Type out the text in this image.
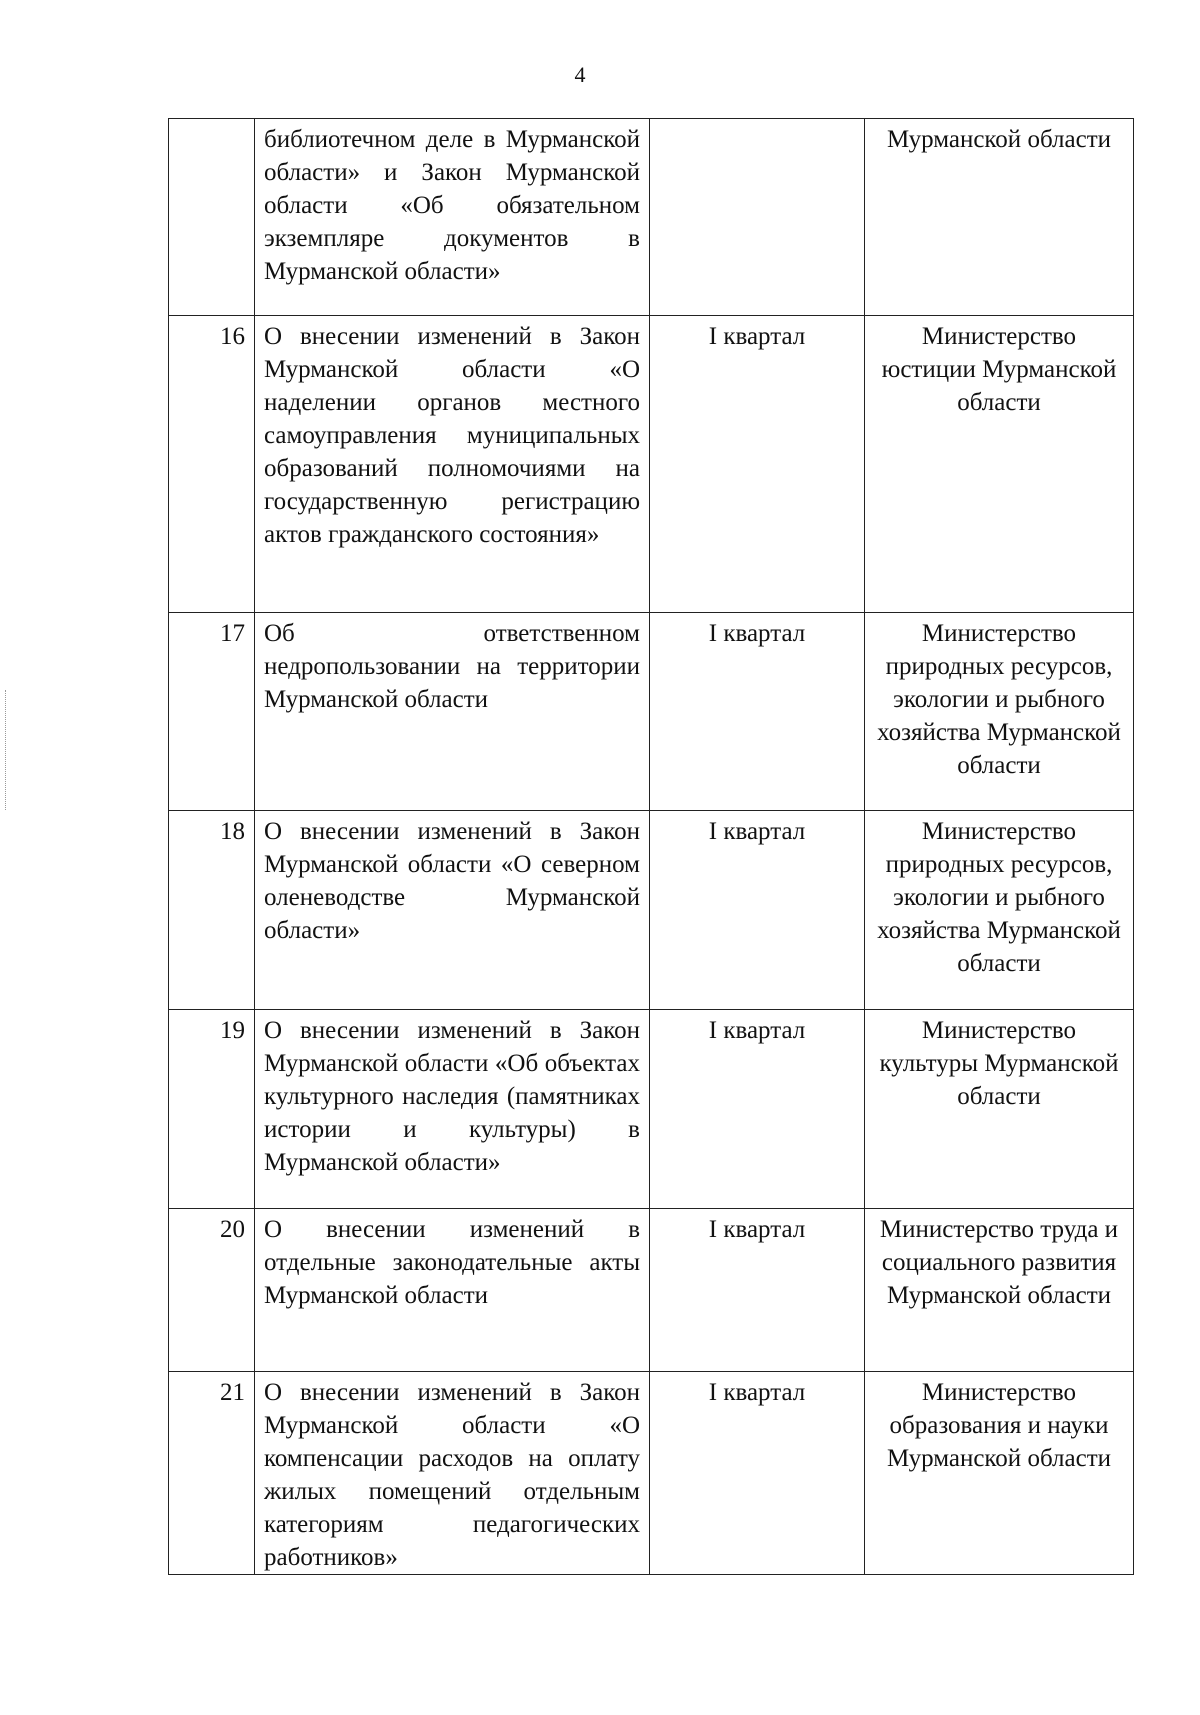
4
	библиотечном деле в Мурманской области» и Закон Мурманской области «Об обязательном экземпляре документов в Мурманской области»		Мурманской области
16	О внесении изменений в Закон Мурманской области «О наделении органов местного самоуправления муниципальных образований полномочиями на государственную регистрацию актов гражданского состояния»	I квартал	Министерство юстиции Мурманской области
17	Об ответственном недропользовании на территории Мурманской области	I квартал	Министерство природных ресурсов, экологии и рыбного хозяйства Мурманской области
18	О внесении изменений в Закон Мурманской области «О северном оленеводстве Мурманской области»	I квартал	Министерство природных ресурсов, экологии и рыбного хозяйства Мурманской области
19	О внесении изменений в Закон Мурманской области «Об объектах культурного наследия (памятниках истории и культуры) в Мурманской области»	I квартал	Министерство культуры Мурманской области
20	О внесении изменений в отдельные законодательные акты Мурманской области	I квартал	Министерство труда и социального развития Мурманской области
21	О внесении изменений в Закон Мурманской области «О компенсации расходов на оплату жилых помещений отдельным категориям педагогических работников»	I квартал	Министерство образования и науки Мурманской области
